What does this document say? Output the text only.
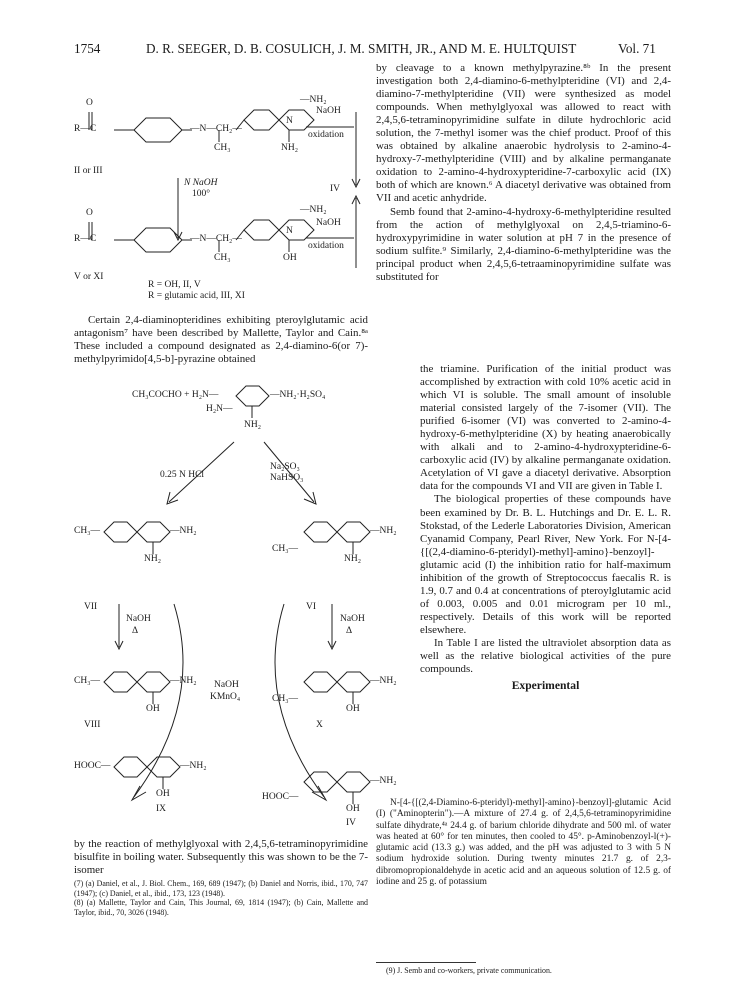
1754	D. R. SEEGER, D. B. COSULICH, J. M. SMITH, JR., AND M. E. HULTQUIST	Vol. 71
O
R—C	—N—CH₂—
—NH₂
N
CH₃	NH₂
NaOH
oxidation
II or III
N NaOH
100°	IV
O
R—C	—N—CH₂—
—NH₂
N
CH₃	OH
NaOH
oxidation
V or XI
R = OH, II, V
R = glutamic acid, III, XI

Certain 2,4-diaminopteridines exhibiting pteroylglutamic acid antagonism⁷ have been described by Mallette, Taylor and Cain.⁸ᵃ These included a compound designated as 2,4-diamino-6(or 7)-methylpyrimido[4,5-b]-pyrazine obtained

CH₃COCHO + H₂N—	—NH₂·H₂SO₄
H₂N—
NH₂
0.25 N HCl
Na₂SO₃
NaHSO₃
CH₃—	—NH₂
NH₂
CH₃—
—NH₂
NH₂
VII	VI
NaOH
Δ
NaOH
Δ
CH₃—	—NH₂
OH
VIII
NaOH
KMnO₄	CH₃—
—NH₂
OH
X
HOOC—	—NH₂
OH
IX
HOOC—
—NH₂
OH
IV

by the reaction of methylglyoxal with 2,4,5,6-tetraminopyrimidine bisulfite in boiling water. Subsequently this was shown to be the 7-isomer

(7) (a) Daniel, et al., J. Biol. Chem., 169, 689 (1947); (b) Daniel and Norris, ibid., 170, 747 (1947); (c) Daniel, et al., ibid., 173, 123 (1948).

(8) (a) Mallette, Taylor and Cain, This Journal, 69, 1814 (1947); (b) Cain, Mallette and Taylor, ibid., 70, 3026 (1948).

by cleavage to a known methylpyrazine.⁸ᵇ In the present investigation both 2,4-diamino-6-methylpteridine (VI) and 2,4-diamino-7-methylpteridine (VII) were synthesized as model compounds. When methylglyoxal was allowed to react with 2,4,5,6-tetraminopyrimidine sulfate in dilute hydrochloric acid solution, the 7-methyl isomer was the chief product. Proof of this was obtained by alkaline anaerobic hydrolysis to 2-amino-4-hydroxy-7-methylpteridine (VIII) and by alkaline permanganate oxidation to 2-amino-4-hydroxypteridine-7-carboxylic acid (IX) both of which are known.⁶ A diacetyl derivative was obtained from VII and acetic anhydride.

Semb found that 2-amino-4-hydroxy-6-methylpteridine resulted from the action of methylglyoxal on 2,4,5-triamino-6-hydroxypyrimidine in water solution at pH 7 in the presence of sodium sulfite.⁹ Similarly, 2,4-diamino-6-methylpteridine was the principal product when 2,4,5,6-tetraaminopyrimidine sulfate was substituted for

the triamine. Purification of the initial product was accomplished by extraction with cold 10% acetic acid in which VI is soluble. The small amount of insoluble material consisted largely of the 7-isomer (VII). The purified 6-isomer (VI) was converted to 2-amino-4-hydroxy-6-methylpteridine (X) by heating anaerobically with alkali and to 2-amino-4-hydroxypteridine-6-carboxylic acid (IV) by alkaline permanganate oxidation. Acetylation of VI gave a diacetyl derivative. Absorption data for the compounds VI and VII are given in Table I.

The biological properties of these compounds have been examined by Dr. B. L. Hutchings and Dr. E. L. R. Stokstad, of the Lederle Laboratories Division, American Cyanamid Company, Pearl River, New York. For N-[4-{[(2,4-diamino-6-pteridyl)-methyl]-amino}-benzoyl]-glutamic acid (I) the inhibition ratio for half-maximum inhibition of the growth of Streptococcus faecalis R. is 1.9, 0.7 and 0.4 at concentrations of pteroylglutamic acid of 0.003, 0.005 and 0.01 microgram per 10 ml., respectively. Details of this work will be reported elsewhere.

In Table I are listed the ultraviolet absorption data as well as the relative biological activities of the pure compounds.

Experimental

N-[4-{[(2,4-Diamino-6-pteridyl)-methyl]-amino}-benzoyl]-glutamic Acid (I) ("Aminopterin").—A mixture of 27.4 g. of 2,4,5,6-tetraminopyrimidine sulfate dihydrate,⁴ᵃ 24.4 g. of barium chloride dihydrate and 500 ml. of water was heated at 60° for ten minutes, then cooled to 45°. p-Aminobenzoyl-l(+)-glutamic acid (13.3 g.) was added, and the pH was adjusted to 3 with 5 N sodium hydroxide solution. During twenty minutes 21.7 g. of 2,3-dibromopropionaldehyde in acetic acid and an aqueous solution of 12.5 g. of iodine and 25 g. of potassium

(9) J. Semb and co-workers, private communication.
